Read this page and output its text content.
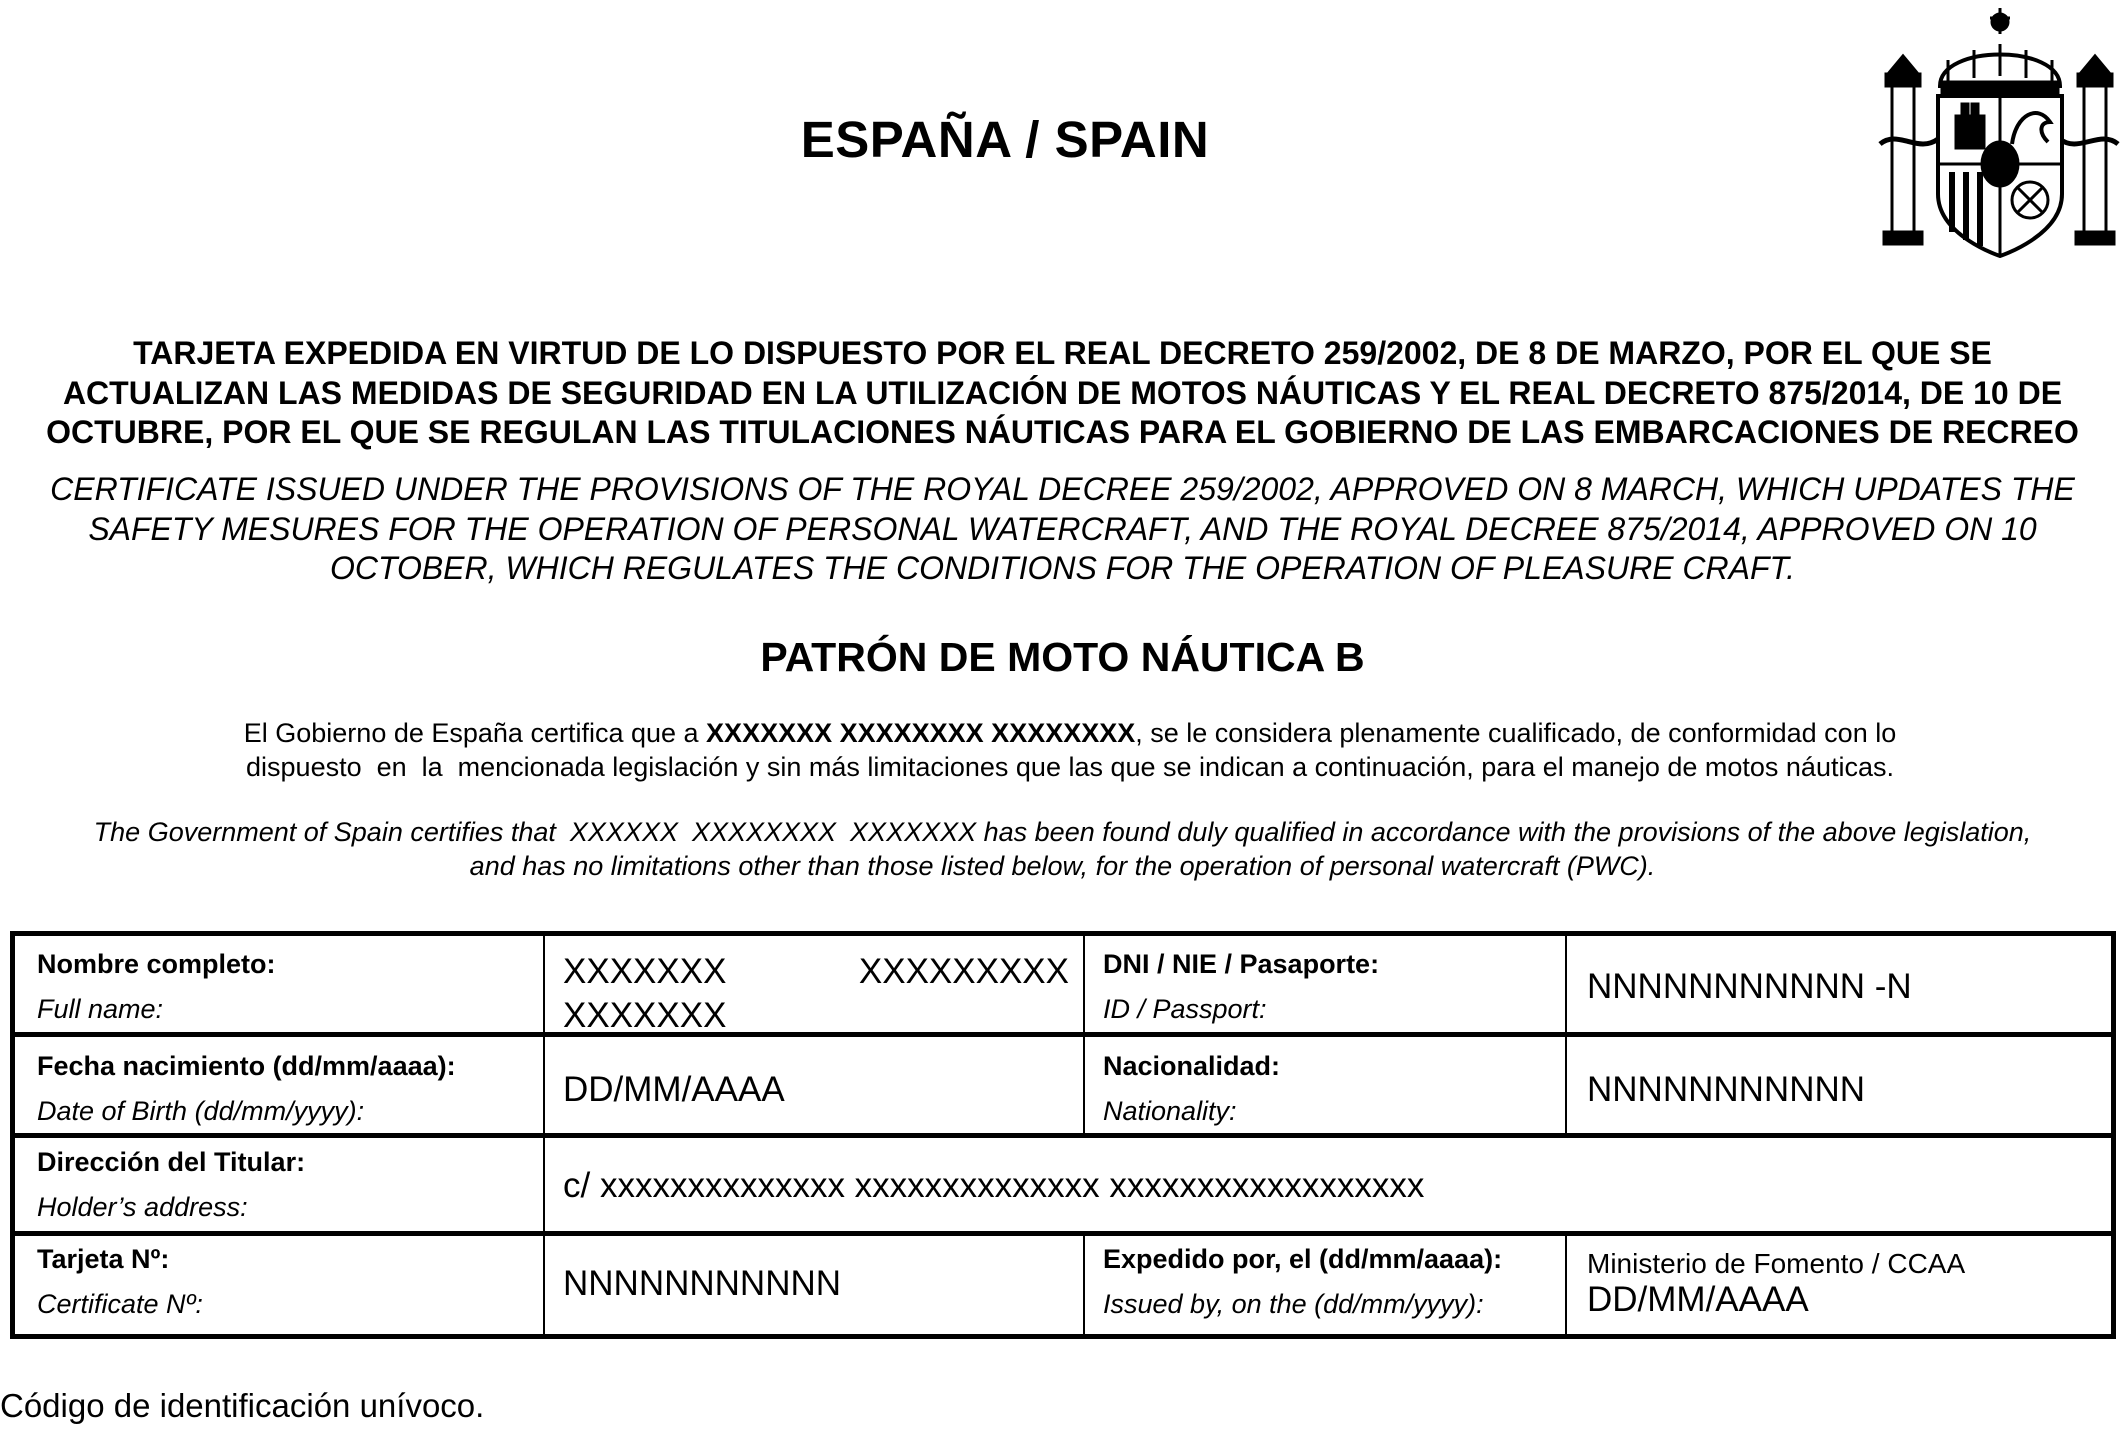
ESPAÑA / SPAIN
TARJETA EXPEDIDA EN VIRTUD DE LO DISPUESTO POR EL REAL DECRETO 259/2002, DE 8 DE MARZO, POR EL QUE SE
ACTUALIZAN LAS MEDIDAS DE SEGURIDAD EN LA UTILIZACIÓN DE MOTOS NÁUTICAS Y EL REAL DECRETO 875/2014, DE 10 DE
OCTUBRE, POR EL QUE SE REGULAN LAS TITULACIONES NÁUTICAS PARA EL GOBIERNO DE LAS EMBARCACIONES DE RECREO
CERTIFICATE ISSUED UNDER THE PROVISIONS OF THE ROYAL DECREE 259/2002, APPROVED ON 8 MARCH, WHICH UPDATES THE
SAFETY MESURES FOR THE OPERATION OF PERSONAL WATERCRAFT, AND THE ROYAL DECREE 875/2014, APPROVED ON 10
OCTOBER, WHICH REGULATES THE CONDITIONS FOR THE OPERATION OF PLEASURE CRAFT.
PATRÓN DE MOTO NÁUTICA B
El Gobierno de España certifica que a XXXXXXX XXXXXXXX XXXXXXXX, se le considera plenamente cualificado, de conformidad con lo
dispuesto  en  la  mencionada legislación y sin más limitaciones que las que se indican a continuación, para el manejo de motos náuticas.
The Government of Spain certifies that XXXXXX XXXXXXXX XXXXXXX has been found duly qualified in accordance with the provisions of the above legislation,
and has no limitations other than those listed below, for the operation of personal watercraft (PWC).
Nombre completo:
Full name:
XXXXXXX	XXXXXXXXX
XXXXXXX
DNI / NIE / Pasaporte:
ID / Passport:
NNNNNNNNNNN -N
Fecha nacimiento (dd/mm/aaaa):
Date of Birth (dd/mm/yyyy):
DD/MM/AAAA
Nacionalidad:
Nationality:
NNNNNNNNNNN
Dirección del Titular:
Holder’s address:
c/ xxxxxxxxxxxxxx xxxxxxxxxxxxxx xxxxxxxxxxxxxxxxxx
Tarjeta Nº:
Certificate Nº:
NNNNNNNNNNN
Expedido por, el (dd/mm/aaaa):
Issued by, on the (dd/mm/yyyy):
Ministerio de Fomento / CCAA
DD/MM/AAAA
Código de identificación unívoco.
